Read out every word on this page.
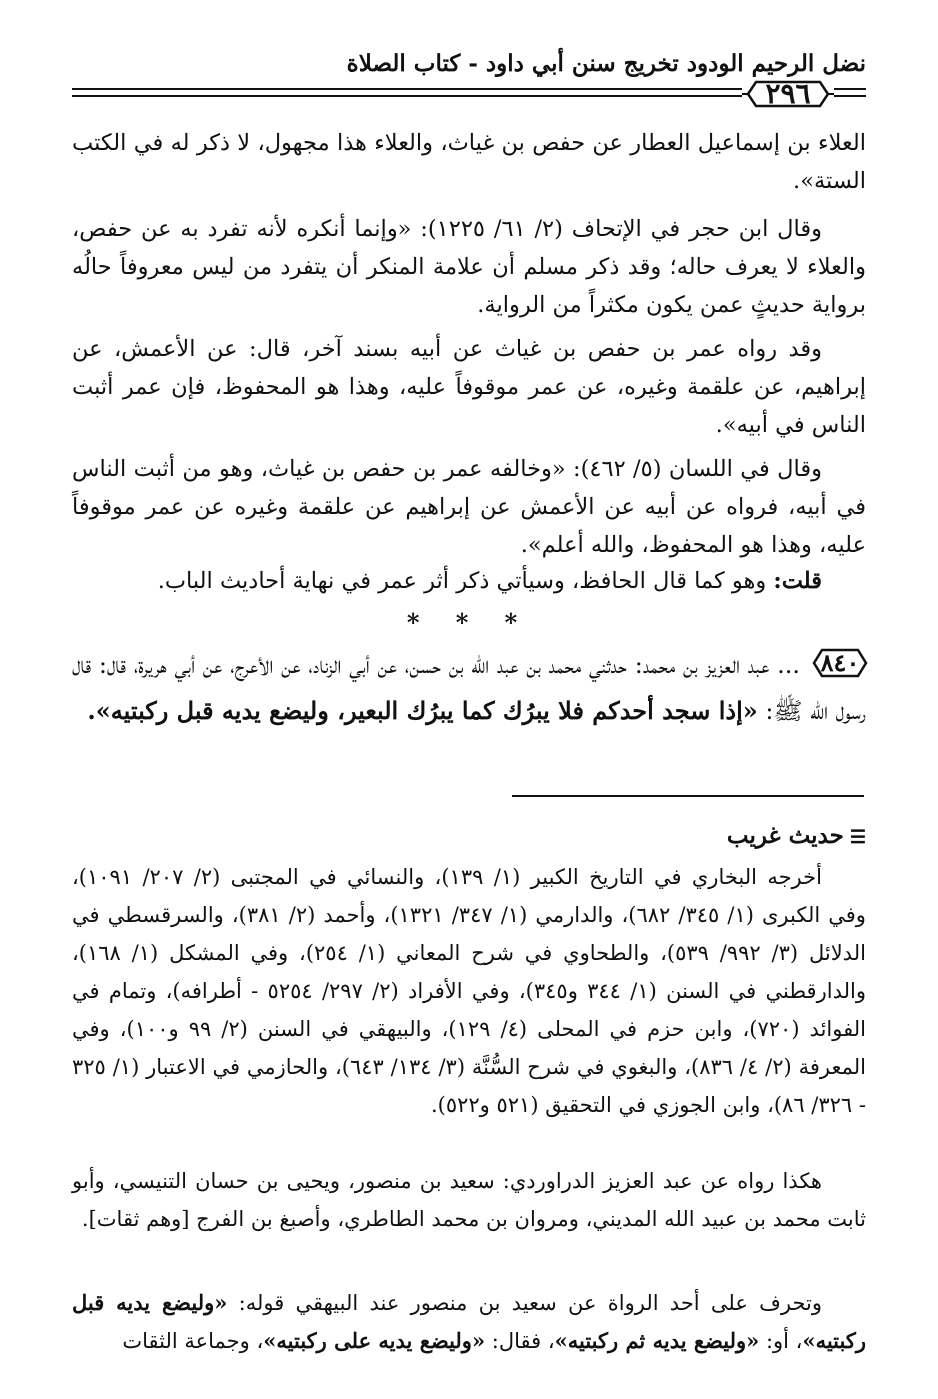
نضل الرحيم الودود تخريج سنن أبي داود - كتاب الصلاة
٢٩٦
العلاء بن إسماعيل العطار عن حفص بن غياث، والعلاء هذا مجهول، لا ذكر له في الكتب الستة».
وقال ابن حجر في الإتحاف (٢/ ٦١/ ١٢٢٥): «وإنما أنكره لأنه تفرد به عن حفص، والعلاء لا يعرف حاله؛ وقد ذكر مسلم أن علامة المنكر أن يتفرد من ليس معروفاً حالُه برواية حديثٍ عمن يكون مكثراً من الرواية.
وقد رواه عمر بن حفص بن غياث عن أبيه بسند آخر، قال: عن الأعمش، عن إبراهيم، عن علقمة وغيره، عن عمر موقوفاً عليه، وهذا هو المحفوظ، فإن عمر أثبت الناس في أبيه».
وقال في اللسان (٥/ ٤٦٢): «وخالفه عمر بن حفص بن غياث، وهو من أثبت الناس في أبيه، فرواه عن أبيه عن الأعمش عن إبراهيم عن علقمة وغيره عن عمر موقوفاً عليه، وهذا هو المحفوظ، والله أعلم».
قلت: وهو كما قال الحافظ، وسيأتي ذكر أثر عمر في نهاية أحاديث الباب.
* * *
٨٤٠
... عبد العزيز بن محمد: حدثني محمد بن عبد الله بن حسن، عن أبي الزناد، عن الأعرج، عن أبي هريرة، قال: قال رسول الله ﷺ: «إذا سجد أحدكم فلا يبرُك كما يبرُك البعير، وليضع يديه قبل ركبتيه».
☰حديث غريب
أخرجه البخاري في التاريخ الكبير (١/ ١٣٩)، والنسائي في المجتبى (٢/ ٢٠٧/ ١٠٩١)، وفي الكبرى (١/ ٣٤٥/ ٦٨٢)، والدارمي (١/ ٣٤٧/ ١٣٢١)، وأحمد (٢/ ٣٨١)، والسرقسطي في الدلائل (٣/ ٩٩٢/ ٥٣٩)، والطحاوي في شرح المعاني (١/ ٢٥٤)، وفي المشكل (١/ ١٦٨)، والدارقطني في السنن (١/ ٣٤٤ و٣٤٥)، وفي الأفراد (٢/ ٢٩٧/ ٥٢٥٤ - أطرافه)، وتمام في الفوائد (٧٢٠)، وابن حزم في المحلى (٤/ ١٢٩)، والبيهقي في السنن (٢/ ٩٩ و١٠٠)، وفي المعرفة (٢/ ٤/ ٨٣٦)، والبغوي في شرح السُّنَّة (٣/ ١٣٤/ ٦٤٣)، والحازمي في الاعتبار (١/ ٣٢٥ - ٣٢٦/ ٨٦)، وابن الجوزي في التحقيق (٥٢١ و٥٢٢).
هكذا رواه عن عبد العزيز الدراوردي: سعيد بن منصور، ويحيى بن حسان التنيسي، وأبو ثابت محمد بن عبيد الله المديني، ومروان بن محمد الطاطري، وأصبغ بن الفرج [وهم ثقات].
وتحرف على أحد الرواة عن سعيد بن منصور عند البيهقي قوله: «وليضع يديه قبل ركبتيه»، أو: «وليضع يديه ثم ركبتيه»، فقال: «وليضع يديه على ركبتيه»، وجماعة الثقات
